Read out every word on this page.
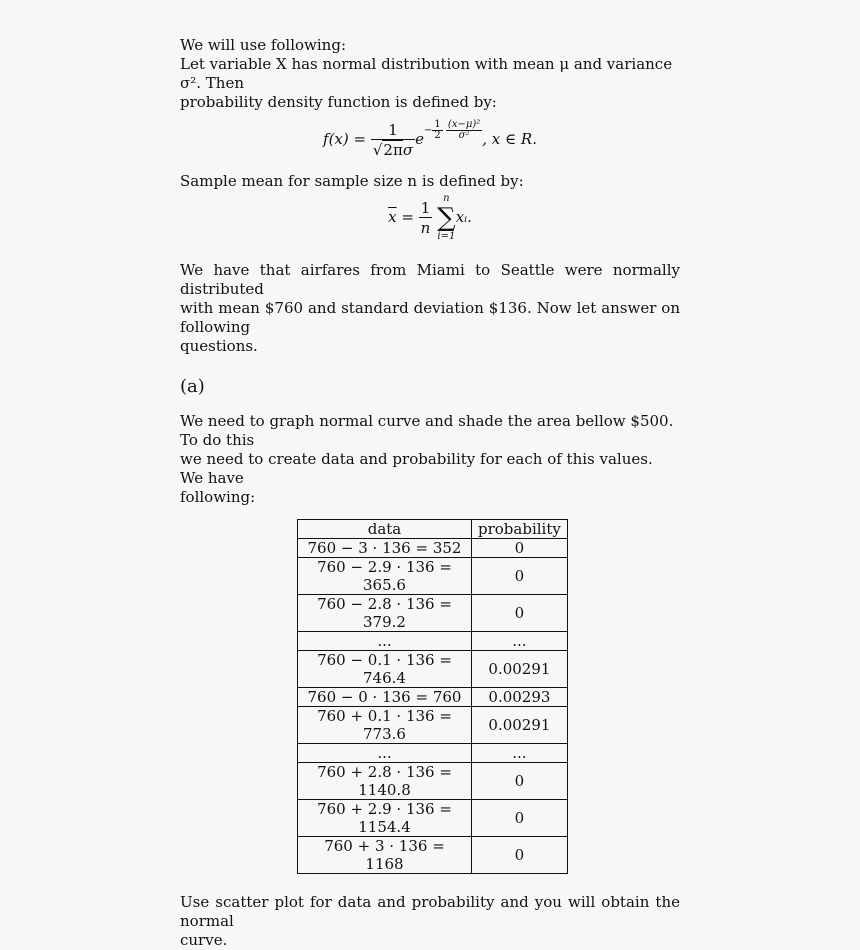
We will use following:
Let variable X has normal distribution with mean μ and variance σ². Then
probability density function is defined by:

$f(x) = \frac{1}{√2\pi\sigma} e^{- \frac{1}{2} \frac{\text{(x−μ)²}}{\text{σ²}}}$ , x ∈ R.

Sample mean for sample size n is defined by:

$\overline{x} = \frac{1}{n}$
	n
∑
i=1
xᵢ.

We have that airfares from Miami to Seattle were normally distributed
with mean $760 and standard deviation $136. Now let answer on following
questions.

(a)

We need to graph normal curve and shade the area bellow $500. To do this
we need to create data and probability for each of this values. We have
following:

data	probability
760 − 3 · 136 = 352	0
760 − 2.9 · 136 = 365.6	0
760 − 2.8 · 136 = 379.2	0
...	...
760 − 0.1 · 136 = 746.4	0.00291
760 − 0 · 136 = 760	0.00293
760 + 0.1 · 136 = 773.6	0.00291
...	...
760 + 2.8 · 136 = 1140.8	0
760 + 2.9 · 136 = 1154.4	0
760 + 3 · 136 = 1168	0

Use scatter plot for data and probability and you will obtain the normal
curve.
